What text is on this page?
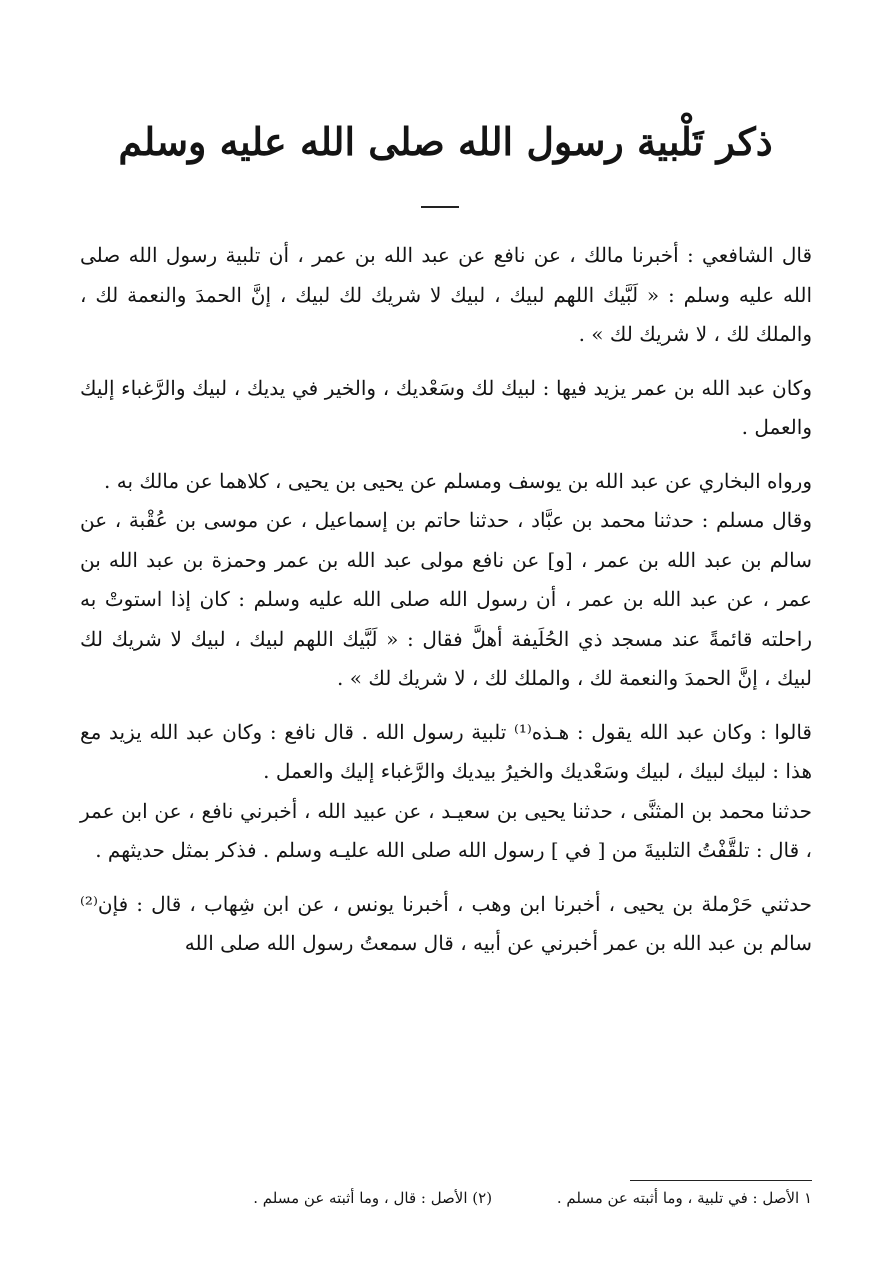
ذكر تَلْبية رسول الله صلى الله عليه وسلم

قال الشافعي : أخبرنا مالك ، عن نافع عن عبد الله بن عمر ، أن تلبية رسول الله صلى الله عليه وسلم : « لَبَّيك اللهم لبيك ، لبيك لا شريك لك لبيك ، إنَّ الحمدَ والنعمة لك ، والملك لك ، لا شريك لك » .

وكان عبد الله بن عمر يزيد فيها : لبيك لك وسَعْديك ، والخير في يديك ، لبيك والرَّغباء إليك والعمل .

ورواه البخاري عن عبد الله بن يوسف ومسلم عن يحيى بن يحيى ، كلاهما عن مالك به .

وقال مسلم : حدثنا محمد بن عبَّاد ، حدثنا حاتم بن إسماعيل ، عن موسى بن عُقْبة ، عن سالم بن عبد الله بن عمر ، [و] عن نافع مولى عبد الله بن عمر وحمزة بن عبد الله بن عمر ، عن عبد الله بن عمر ، أن رسول الله صلى الله عليه وسلم : كان إذا استوتْ به راحلته قائمةً عند مسجد ذي الحُلَيفة أهلَّ فقال : « لَبَّيك اللهم لبيك ، لبيك لا شريك لك لبيك ، إنَّ الحمدَ والنعمة لك ، والملك لك ، لا شريك لك » .

قالوا : وكان عبد الله يقول : هـذه⁽¹⁾ تلبية رسول الله . قال نافع : وكان عبد الله يزيد مع هذا : لبيك لبيك ، لبيك وسَعْديك والخيرُ بيديك والرَّغباء إليك والعمل .

حدثنا محمد بن المثنَّى ، حدثنا يحيى بن سعيـد ، عن عبيد الله ، أخبرني نافع ، عن ابن عمر ، قال : تلقَّفْتُ التلبيةَ من [ في ] رسول الله صلى الله عليـه وسلم . فذكر بمثل حديثهم .

حدثني حَرْملة بن يحيى ، أخبرنا ابن وهب ، أخبرنا يونس ، عن ابن شِهاب ، قال : فإن⁽²⁾ سالم بن عبد الله بن عمر أخبرني عن أبيه ، قال سمعتُ رسول الله صلى الله

١ الأصل : في تلبية ، وما أثبته عن مسلم . (٢) الأصل : قال ، وما أثبته عن مسلم .
